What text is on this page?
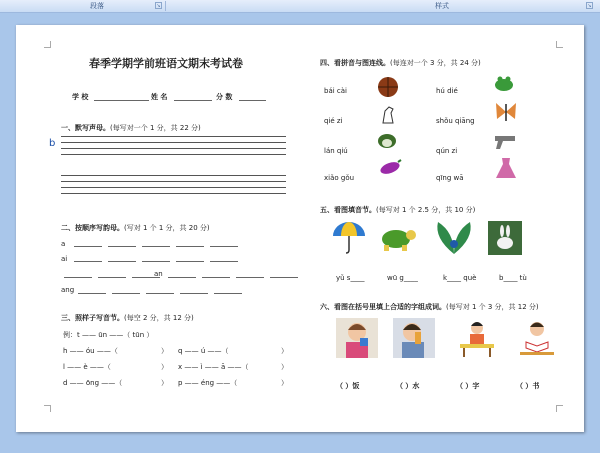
段落	↘	样式	↘
春季学期学前班语文期末考试卷
学 校	姓 名	分 数
一、默写声母。(每写对一个 1 分，共 22 分)
b
二、按顺序写韵母。(写对 1 个 1 分，共 20 分)
a
ai
an
ang
三、照样子写音节。(每空 2 分，共 12 分)
例：t —— ūn ——（ tūn ）
h —— óu ——（	） q —— ú ——（	）
l —— è ——（	） x —— ì —— ā ——（	）
d —— ōng ——（	） p —— éng ——（	）
四、看拼音与图连线。(每连对一个 3 分，共 24 分)
bái cài
qié zi
lán qiú
xiǎo gǒu
hú dié
shǒu qiāng
qún zi
qīng wā
五、看图填音节。(每写对 1 个 2.5 分，共 10 分)
yǔ s____	wū g____	k____ què	b____ tù
六、看图在括号里填上合适的字组成词。(每写对 1 个 3 分，共 12 分)
（ ）饭	（ ）水	（ ）字	（ ）书
